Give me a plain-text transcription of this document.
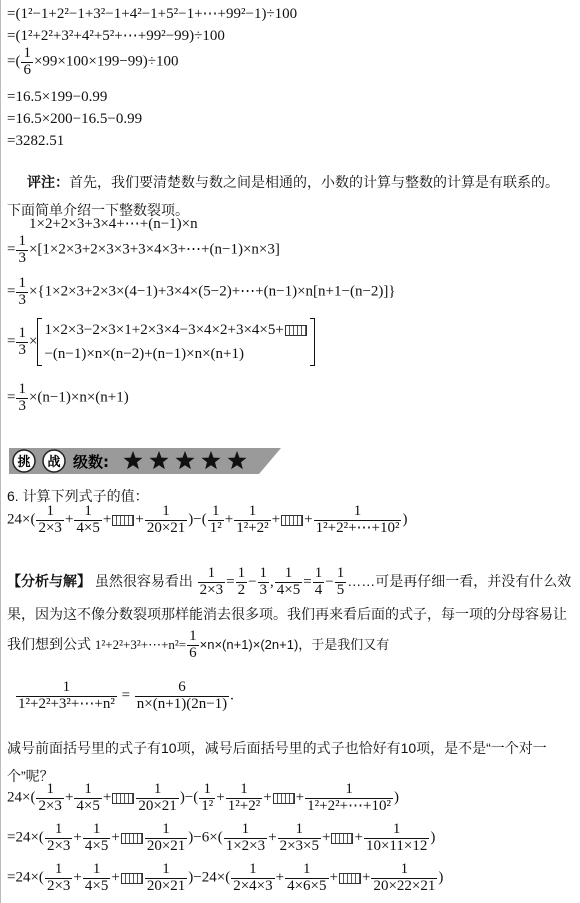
=(1²−1+2²−1+3²−1+4²−1+5²−1+⋯+99²−1)÷100
=(1²+2²+3²+4²+5²+⋯+99²−99)÷100
=( $\frac{1}{6} \times 99\times 100\times 199-99)\div 100$
=16.5×199−0.99
=16.5×200−16.5−0.99
=3282.51
评注：首先，我们要清楚数与数之间是相通的，小数的计算与整数的计算是有联系的。下面简单介绍一下整数裂项。
1×2+2×3+3×4+⋯+(n−1)×n
= $\frac{1}{3}$ ×[1×2×3+2×3×3+3×4×3+⋯+(n−1)×n×3]
= $\frac{1}{3}$ ×{1×2×3+2×3×(4−1)+3×4×(5−2)+⋯+(n−1)×n[n+1−(n−2)]}
= $\frac{1}{3}$ ×
1×2×3−2×3×1+2×3×4−3×4×2+3×4×5+
−(n−1)×n×(n−2)+(n−1)×n×(n+1)
= $\frac{1}{3} \times(n-1)\times n\times(n+1)$
挑 战 级数:
6. 计算下列式子的值：
$24\times( \frac{1}{2\times 3} + \frac{1}{4\times 5}$ + + $\frac{1}{20\times 21}$ )−( $\frac{1}{\text{1²}} + \frac{1}{\text{1²+2²}}$ + + $\frac{1}{\text{1²+2²+⋯+10²}}$ )
【分析与解】 虽然很容易看出 $\frac{1}{2\times 3} = \frac{1}{2} - \frac{1}{3}$ , $\frac{1}{4\times 5} = \frac{1}{4} - \frac{1}{5}$ ……可是再仔细一看，并没有什么效果，因为这不像分数裂项那样能消去很多项。我们再来看后面的式子，每一项的分母容易让我们想到公式 1²+2²+3²+⋯+n²= $\frac{1}{6} \times n\times(n+1)\times(2n+1)$，于是我们又有
$\frac{1}{\text{1²+2²+3²+⋯+n²}} = \frac{6}{n\times(n+1)(2n-1)}$ .
减号前面括号里的式子有10项，减号后面括号里的式子也恰好有10项，是不是“一个对一个”呢？
$24\times( \frac{1}{2\times 3} + \frac{1}{4\times 5} + \frac{1}{20\times 21}$ )−( $\frac{1}{\text{1²}} + \frac{1}{\text{1²+2²}}$ + + $\frac{1}{\text{1²+2²+⋯+10²}}$ )
$=24\times( \frac{1}{2\times 3} + \frac{1}{4\times 5} + \frac{1}{20\times 21} )-6\times( \frac{1}{1\times 2\times 3} + \frac{1}{2\times 3\times 5}$ + + $\frac{1}{10\times 11\times 12}$ )
$=24\times( \frac{1}{2\times 3} + \frac{1}{4\times 5} + \frac{1}{20\times 21} )-24\times( \frac{1}{2\times 4\times 3} + \frac{1}{4\times 6\times 5}$ + + $\frac{1}{20\times 22\times 21}$ )
